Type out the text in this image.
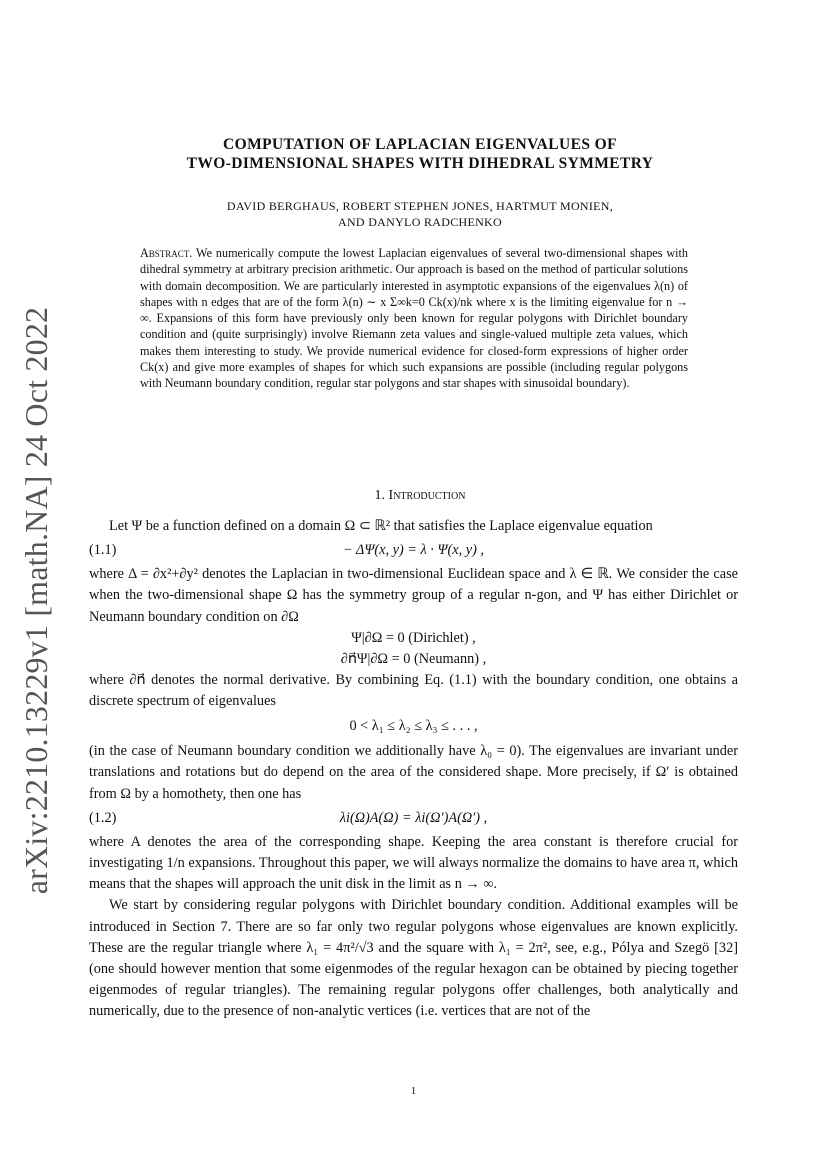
arXiv:2210.13229v1 [math.NA] 24 Oct 2022
COMPUTATION OF LAPLACIAN EIGENVALUES OF
TWO-DIMENSIONAL SHAPES WITH DIHEDRAL SYMMETRY
DAVID BERGHAUS, ROBERT STEPHEN JONES, HARTMUT MONIEN,
AND DANYLO RADCHENKO
Abstract. We numerically compute the lowest Laplacian eigenvalues of several two-dimensional shapes with dihedral symmetry at arbitrary precision arithmetic. Our approach is based on the method of particular solutions with domain decomposition. We are particularly interested in asymptotic expansions of the eigenvalues λ(n) of shapes with n edges that are of the form λ(n) ∼ x Σ∞k=0 Ck(x)/nk where x is the limiting eigenvalue for n → ∞. Expansions of this form have previously only been known for regular polygons with Dirichlet boundary condition and (quite surprisingly) involve Riemann zeta values and single-valued multiple zeta values, which makes them interesting to study. We provide numerical evidence for closed-form expressions of higher order Ck(x) and give more examples of shapes for which such expansions are possible (including regular polygons with Neumann boundary condition, regular star polygons and star shapes with sinusoidal boundary).
1. Introduction

Let Ψ be a function defined on a domain Ω ⊂ ℝ² that satisfies the Laplace eigenvalue equation

(1.1)	− ΔΨ(x, y) = λ · Ψ(x, y) ,

where Δ = ∂x²+∂y² denotes the Laplacian in two-dimensional Euclidean space and λ ∈ ℝ. We consider the case when the two-dimensional shape Ω has the symmetry group of a regular n-gon, and Ψ has either Dirichlet or Neumann boundary condition on ∂Ω

Ψ|∂Ω = 0 (Dirichlet) ,
∂n⃗Ψ|∂Ω = 0 (Neumann) ,

where ∂n⃗ denotes the normal derivative. By combining Eq. (1.1) with the boundary condition, one obtains a discrete spectrum of eigenvalues

0 < λ₁ ≤ λ₂ ≤ λ₃ ≤ . . . ,

(in the case of Neumann boundary condition we additionally have λ₀ = 0). The eigenvalues are invariant under translations and rotations but do depend on the area of the considered shape. More precisely, if Ω′ is obtained from Ω by a homothety, then one has

(1.2)	λi(Ω)A(Ω) = λi(Ω′)A(Ω′) ,

where A denotes the area of the corresponding shape. Keeping the area constant is therefore crucial for investigating 1/n expansions. Throughout this paper, we will always normalize the domains to have area π, which means that the shapes will approach the unit disk in the limit as n → ∞.

We start by considering regular polygons with Dirichlet boundary condition. Additional examples will be introduced in Section 7. There are so far only two regular polygons whose eigenvalues are known explicitly. These are the regular triangle where λ₁ = 4π²/√3 and the square with λ₁ = 2π², see, e.g., Pólya and Szegö [32] (one should however mention that some eigenmodes of the regular hexagon can be obtained by piecing together eigenmodes of regular triangles). The remaining regular polygons offer challenges, both analytically and numerically, due to the presence of non-analytic vertices (i.e. vertices that are not of the

1
